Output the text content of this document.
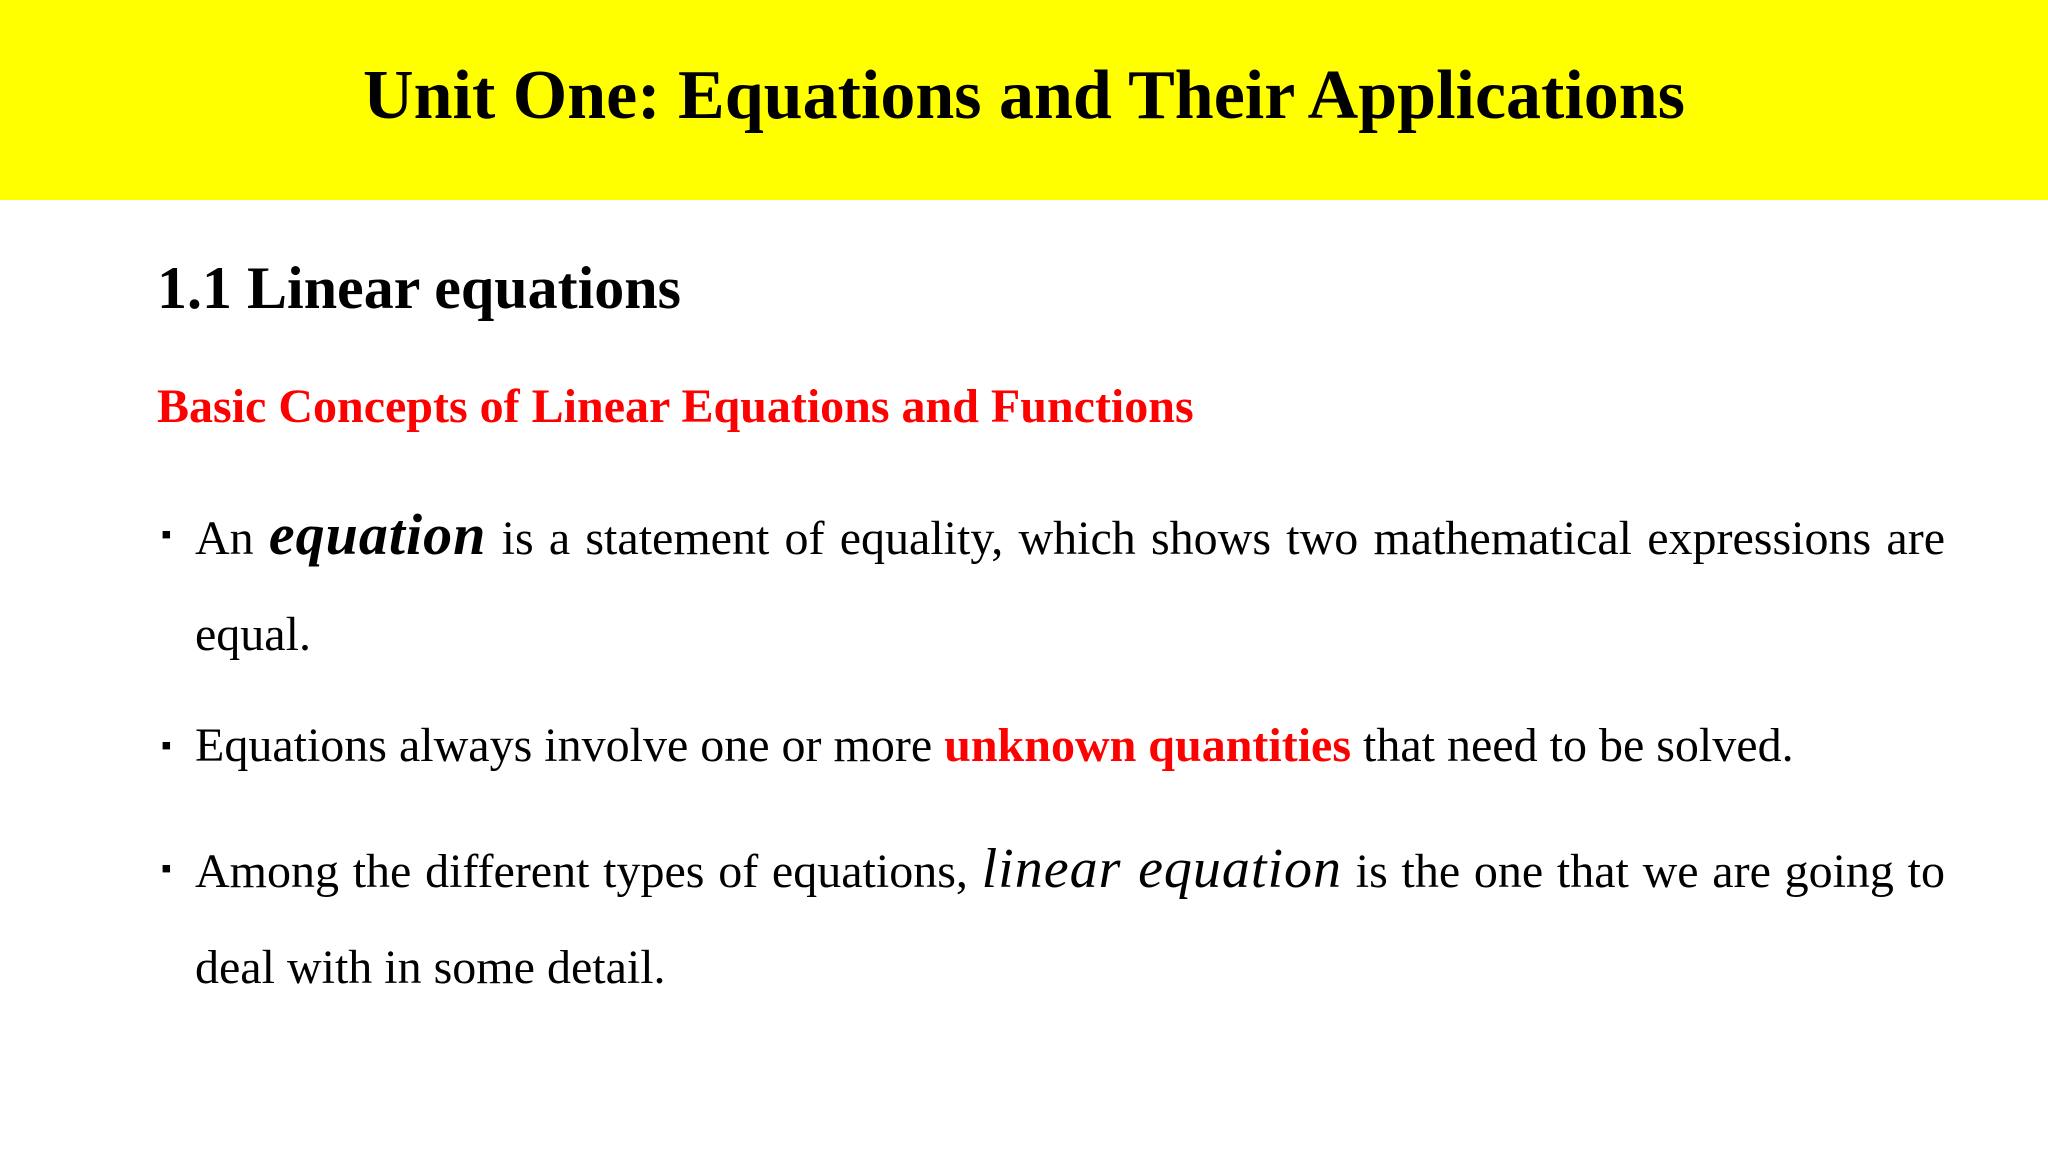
Unit One: Equations and Their Applications
1.1 Linear equations
Basic Concepts of Linear Equations and Functions
▪ An equation is a statement of equality, which shows two mathematical expressions are equal.
▪ Equations always involve one or more unknown quantities that need to be solved.
▪ Among the different types of equations, linear equation is the one that we are going to deal with in some detail.
